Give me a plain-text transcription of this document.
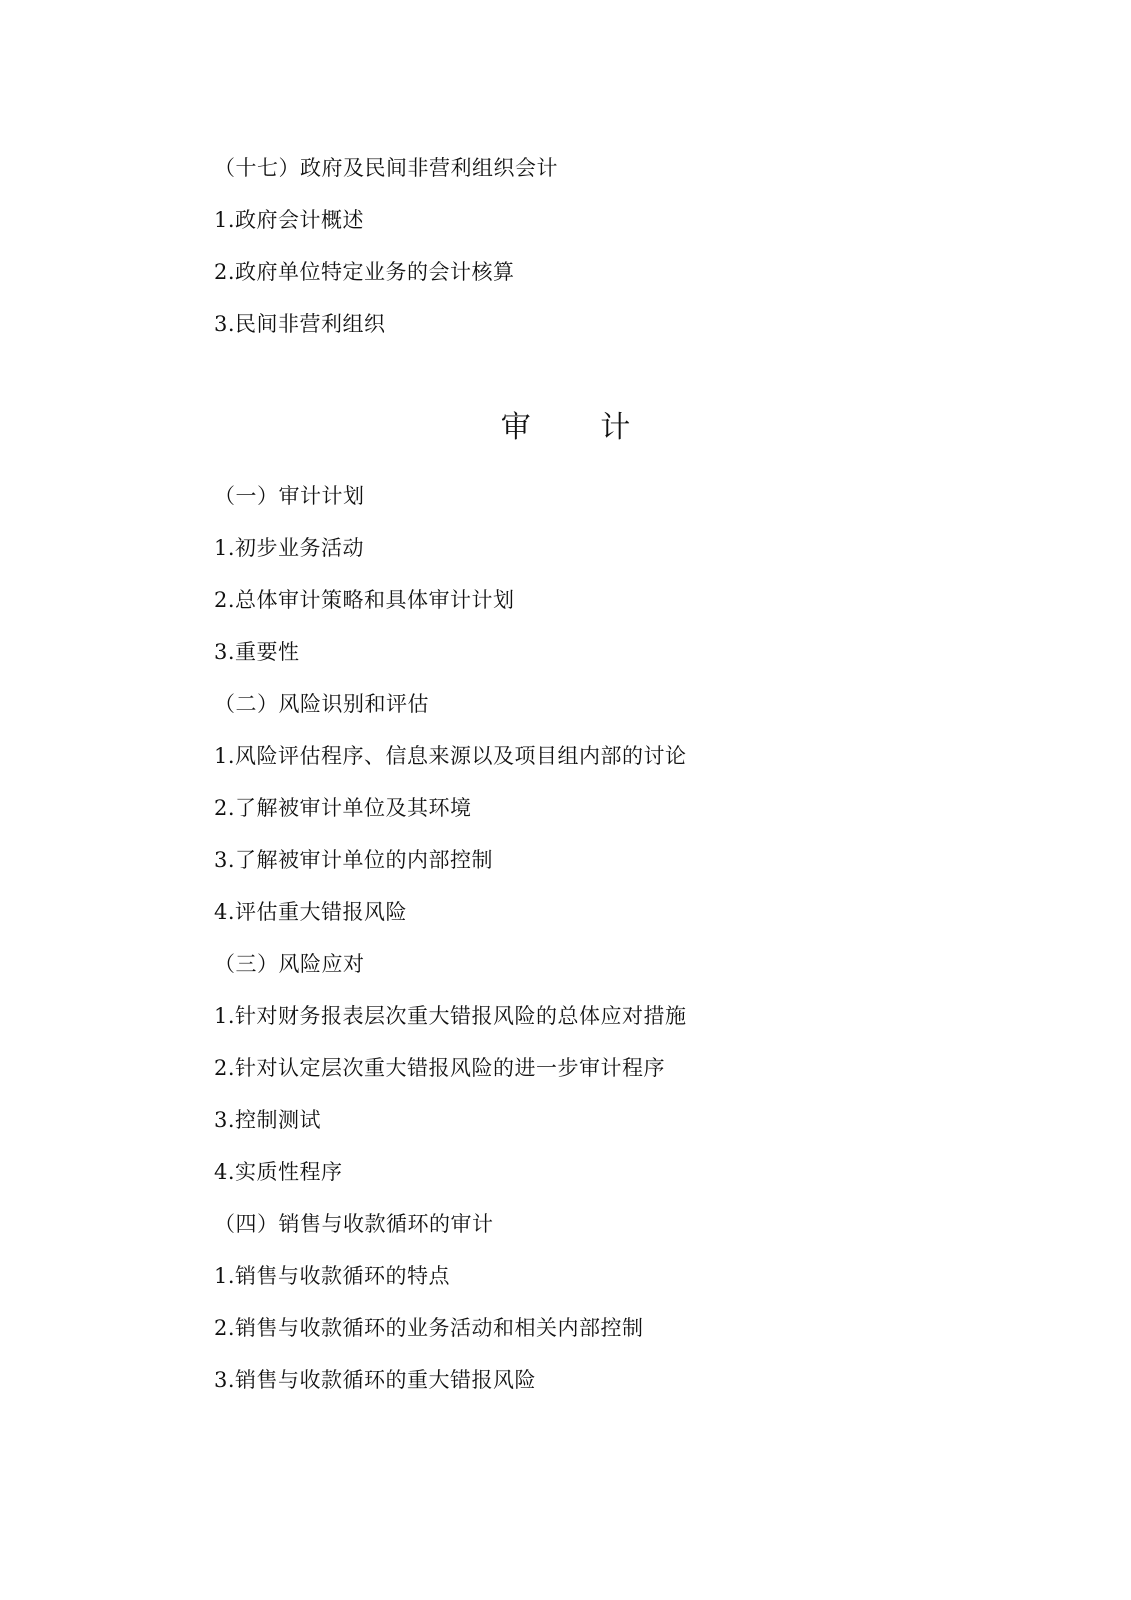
（十七）政府及民间非营利组织会计
1.政府会计概述
2.政府单位特定业务的会计核算
3.民间非营利组织
审 计
（一）审计计划
1.初步业务活动
2.总体审计策略和具体审计计划
3.重要性
（二）风险识别和评估
1.风险评估程序、信息来源以及项目组内部的讨论
2.了解被审计单位及其环境
3.了解被审计单位的内部控制
4.评估重大错报风险
（三）风险应对
1.针对财务报表层次重大错报风险的总体应对措施
2.针对认定层次重大错报风险的进一步审计程序
3.控制测试
4.实质性程序
（四）销售与收款循环的审计
1.销售与收款循环的特点
2.销售与收款循环的业务活动和相关内部控制
3.销售与收款循环的重大错报风险
